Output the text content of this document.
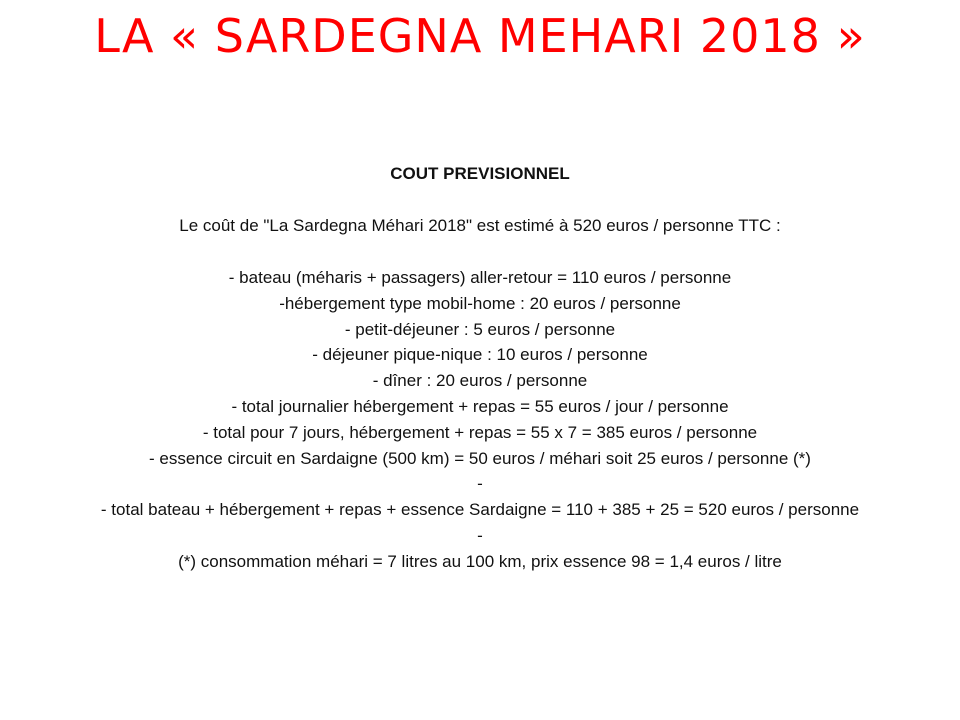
LA « SARDEGNA MEHARI 2018 »
COUT PREVISIONNEL
Le coût de "La Sardegna Méhari 2018" est estimé à 520 euros / personne TTC :
- bateau (méharis + passagers) aller-retour = 110 euros / personne
-hébergement type mobil-home : 20 euros / personne
- petit-déjeuner : 5 euros / personne
- déjeuner pique-nique : 10 euros / personne
- dîner : 20 euros / personne
- total journalier hébergement + repas = 55 euros / jour / personne
- total pour 7 jours, hébergement + repas = 55 x 7 = 385 euros / personne
- essence circuit en Sardaigne (500 km) = 50 euros / méhari soit 25 euros / personne (*)
-
- total bateau + hébergement + repas + essence Sardaigne = 110 + 385 + 25 = 520 euros / personne
-
(*) consommation méhari = 7 litres au 100 km, prix essence 98 = 1,4 euros / litre
